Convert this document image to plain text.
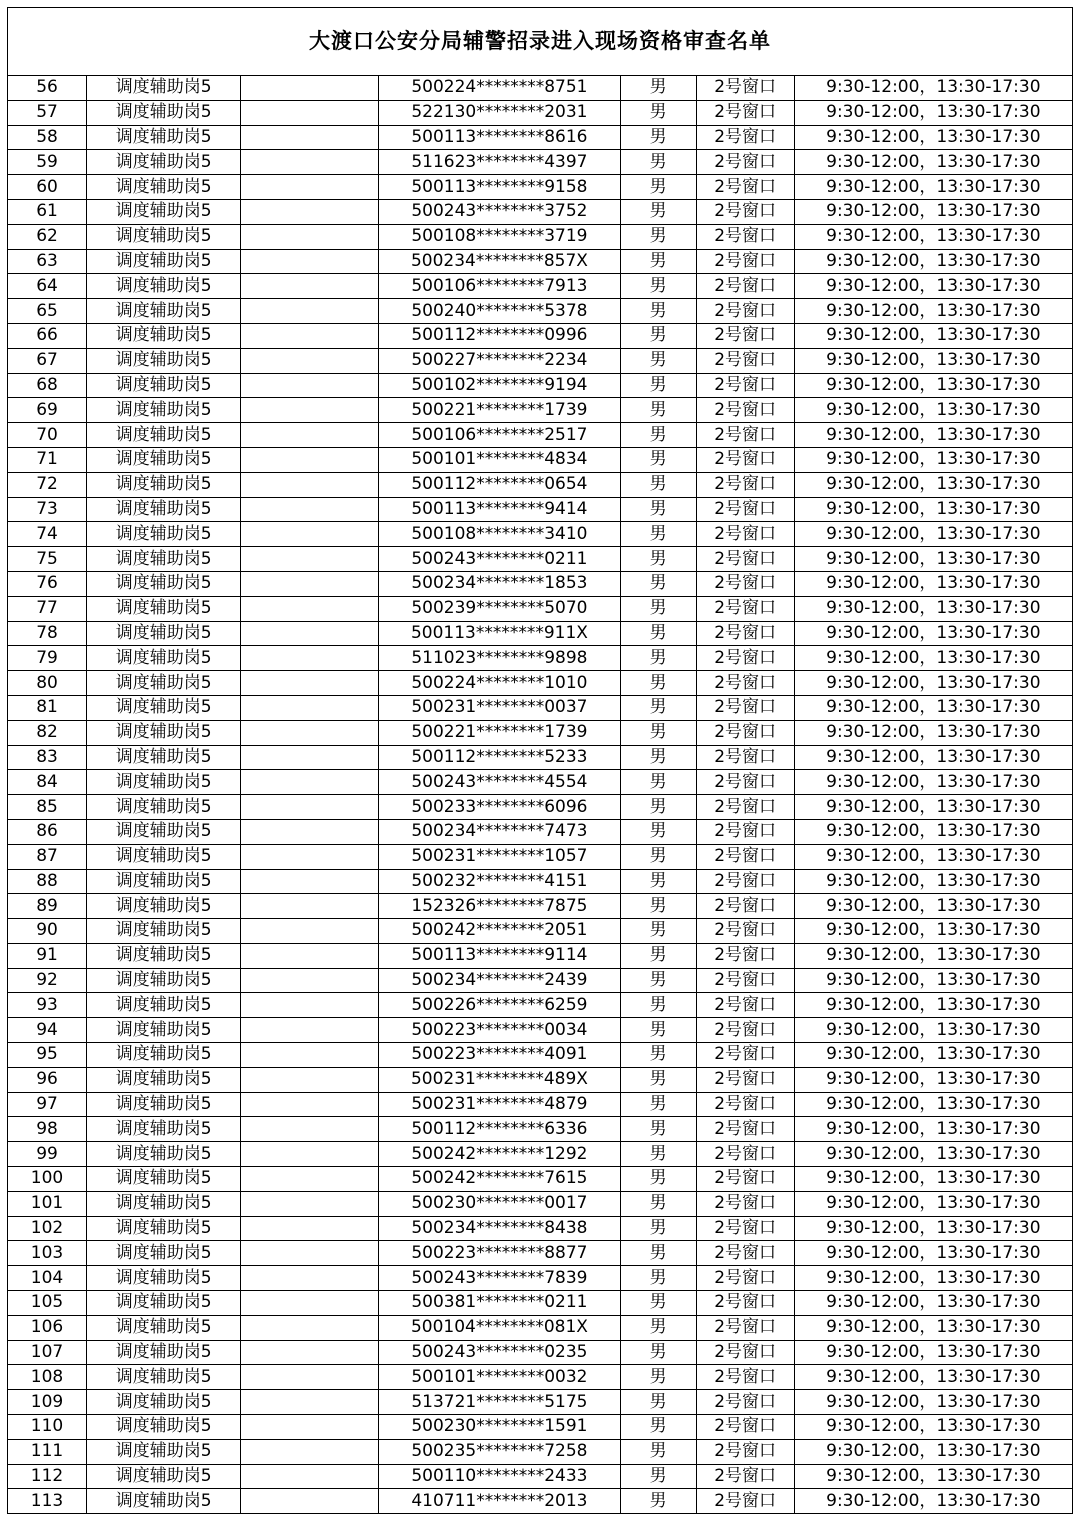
大渡口公安分局辅警招录进入现场资格审查名单						
56	调度辅助岗5		500224********8751	男	2号窗口	9:30-12:00，13:30-17:30
57	调度辅助岗5		522130********2031	男	2号窗口	9:30-12:00，13:30-17:30
58	调度辅助岗5		500113********8616	男	2号窗口	9:30-12:00，13:30-17:30
59	调度辅助岗5		511623********4397	男	2号窗口	9:30-12:00，13:30-17:30
60	调度辅助岗5		500113********9158	男	2号窗口	9:30-12:00，13:30-17:30
61	调度辅助岗5		500243********3752	男	2号窗口	9:30-12:00，13:30-17:30
62	调度辅助岗5		500108********3719	男	2号窗口	9:30-12:00，13:30-17:30
63	调度辅助岗5		500234********857X	男	2号窗口	9:30-12:00，13:30-17:30
64	调度辅助岗5		500106********7913	男	2号窗口	9:30-12:00，13:30-17:30
65	调度辅助岗5		500240********5378	男	2号窗口	9:30-12:00，13:30-17:30
66	调度辅助岗5		500112********0996	男	2号窗口	9:30-12:00，13:30-17:30
67	调度辅助岗5		500227********2234	男	2号窗口	9:30-12:00，13:30-17:30
68	调度辅助岗5		500102********9194	男	2号窗口	9:30-12:00，13:30-17:30
69	调度辅助岗5		500221********1739	男	2号窗口	9:30-12:00，13:30-17:30
70	调度辅助岗5		500106********2517	男	2号窗口	9:30-12:00，13:30-17:30
71	调度辅助岗5		500101********4834	男	2号窗口	9:30-12:00，13:30-17:30
72	调度辅助岗5		500112********0654	男	2号窗口	9:30-12:00，13:30-17:30
73	调度辅助岗5		500113********9414	男	2号窗口	9:30-12:00，13:30-17:30
74	调度辅助岗5		500108********3410	男	2号窗口	9:30-12:00，13:30-17:30
75	调度辅助岗5		500243********0211	男	2号窗口	9:30-12:00，13:30-17:30
76	调度辅助岗5		500234********1853	男	2号窗口	9:30-12:00，13:30-17:30
77	调度辅助岗5		500239********5070	男	2号窗口	9:30-12:00，13:30-17:30
78	调度辅助岗5		500113********911X	男	2号窗口	9:30-12:00，13:30-17:30
79	调度辅助岗5		511023********9898	男	2号窗口	9:30-12:00，13:30-17:30
80	调度辅助岗5		500224********1010	男	2号窗口	9:30-12:00，13:30-17:30
81	调度辅助岗5		500231********0037	男	2号窗口	9:30-12:00，13:30-17:30
82	调度辅助岗5		500221********1739	男	2号窗口	9:30-12:00，13:30-17:30
83	调度辅助岗5		500112********5233	男	2号窗口	9:30-12:00，13:30-17:30
84	调度辅助岗5		500243********4554	男	2号窗口	9:30-12:00，13:30-17:30
85	调度辅助岗5		500233********6096	男	2号窗口	9:30-12:00，13:30-17:30
86	调度辅助岗5		500234********7473	男	2号窗口	9:30-12:00，13:30-17:30
87	调度辅助岗5		500231********1057	男	2号窗口	9:30-12:00，13:30-17:30
88	调度辅助岗5		500232********4151	男	2号窗口	9:30-12:00，13:30-17:30
89	调度辅助岗5		152326********7875	男	2号窗口	9:30-12:00，13:30-17:30
90	调度辅助岗5		500242********2051	男	2号窗口	9:30-12:00，13:30-17:30
91	调度辅助岗5		500113********9114	男	2号窗口	9:30-12:00，13:30-17:30
92	调度辅助岗5		500234********2439	男	2号窗口	9:30-12:00，13:30-17:30
93	调度辅助岗5		500226********6259	男	2号窗口	9:30-12:00，13:30-17:30
94	调度辅助岗5		500223********0034	男	2号窗口	9:30-12:00，13:30-17:30
95	调度辅助岗5		500223********4091	男	2号窗口	9:30-12:00，13:30-17:30
96	调度辅助岗5		500231********489X	男	2号窗口	9:30-12:00，13:30-17:30
97	调度辅助岗5		500231********4879	男	2号窗口	9:30-12:00，13:30-17:30
98	调度辅助岗5		500112********6336	男	2号窗口	9:30-12:00，13:30-17:30
99	调度辅助岗5		500242********1292	男	2号窗口	9:30-12:00，13:30-17:30
100	调度辅助岗5		500242********7615	男	2号窗口	9:30-12:00，13:30-17:30
101	调度辅助岗5		500230********0017	男	2号窗口	9:30-12:00，13:30-17:30
102	调度辅助岗5		500234********8438	男	2号窗口	9:30-12:00，13:30-17:30
103	调度辅助岗5		500223********8877	男	2号窗口	9:30-12:00，13:30-17:30
104	调度辅助岗5		500243********7839	男	2号窗口	9:30-12:00，13:30-17:30
105	调度辅助岗5		500381********0211	男	2号窗口	9:30-12:00，13:30-17:30
106	调度辅助岗5		500104********081X	男	2号窗口	9:30-12:00，13:30-17:30
107	调度辅助岗5		500243********0235	男	2号窗口	9:30-12:00，13:30-17:30
108	调度辅助岗5		500101********0032	男	2号窗口	9:30-12:00，13:30-17:30
109	调度辅助岗5		513721********5175	男	2号窗口	9:30-12:00，13:30-17:30
110	调度辅助岗5		500230********1591	男	2号窗口	9:30-12:00，13:30-17:30
111	调度辅助岗5		500235********7258	男	2号窗口	9:30-12:00，13:30-17:30
112	调度辅助岗5		500110********2433	男	2号窗口	9:30-12:00，13:30-17:30
113	调度辅助岗5		410711********2013	男	2号窗口	9:30-12:00，13:30-17:30
